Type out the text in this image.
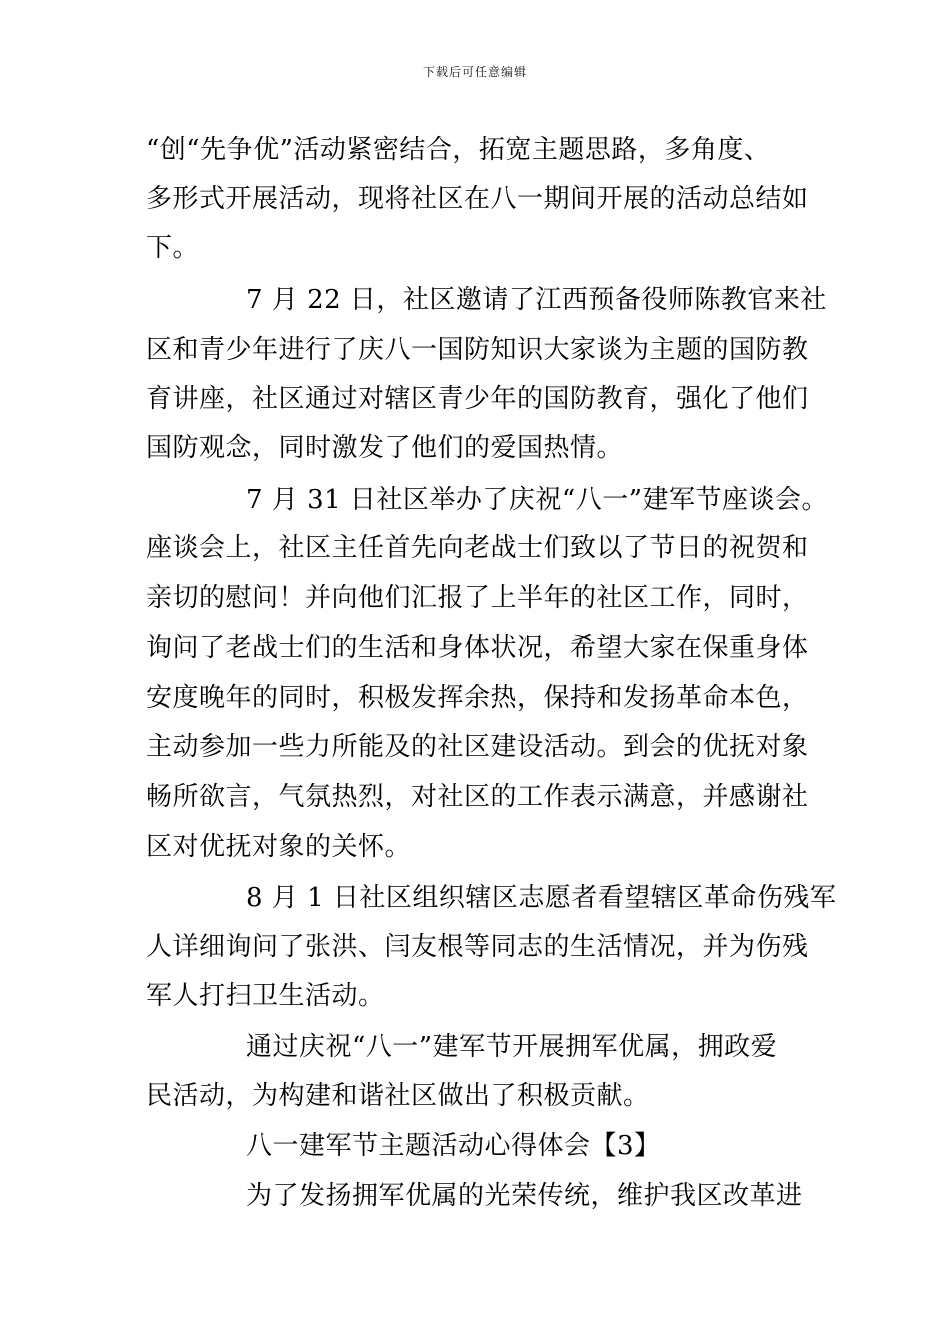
下载后可任意编辑
“创“先争优”活动紧密结合，拓宽主题思路，多角度、
多形式开展活动，现将社区在八一期间开展的活动总结如
下。
7 月 22 日，社区邀请了江西预备役师陈教官来社
区和青少年进行了庆八一国防知识大家谈为主题的国防教
育讲座，社区通过对辖区青少年的国防教育，强化了他们
国防观念，同时激发了他们的爱国热情。
7 月 31 日社区举办了庆祝“八一”建军节座谈会。
座谈会上，社区主任首先向老战士们致以了节日的祝贺和
亲切的慰问！并向他们汇报了上半年的社区工作，同时，
询问了老战士们的生活和身体状况，希望大家在保重身体
安度晚年的同时，积极发挥余热，保持和发扬革命本色，
主动参加一些力所能及的社区建设活动。到会的优抚对象
畅所欲言，气氛热烈，对社区的工作表示满意，并感谢社
区对优抚对象的关怀。
8 月 1 日社区组织辖区志愿者看望辖区革命伤残军
人详细询问了张洪、闫友根等同志的生活情况，并为伤残
军人打扫卫生活动。
通过庆祝“八一”建军节开展拥军优属，拥政爱
民活动，为构建和谐社区做出了积极贡献。
八一建军节主题活动心得体会【3】
为了发扬拥军优属的光荣传统，维护我区改革进
